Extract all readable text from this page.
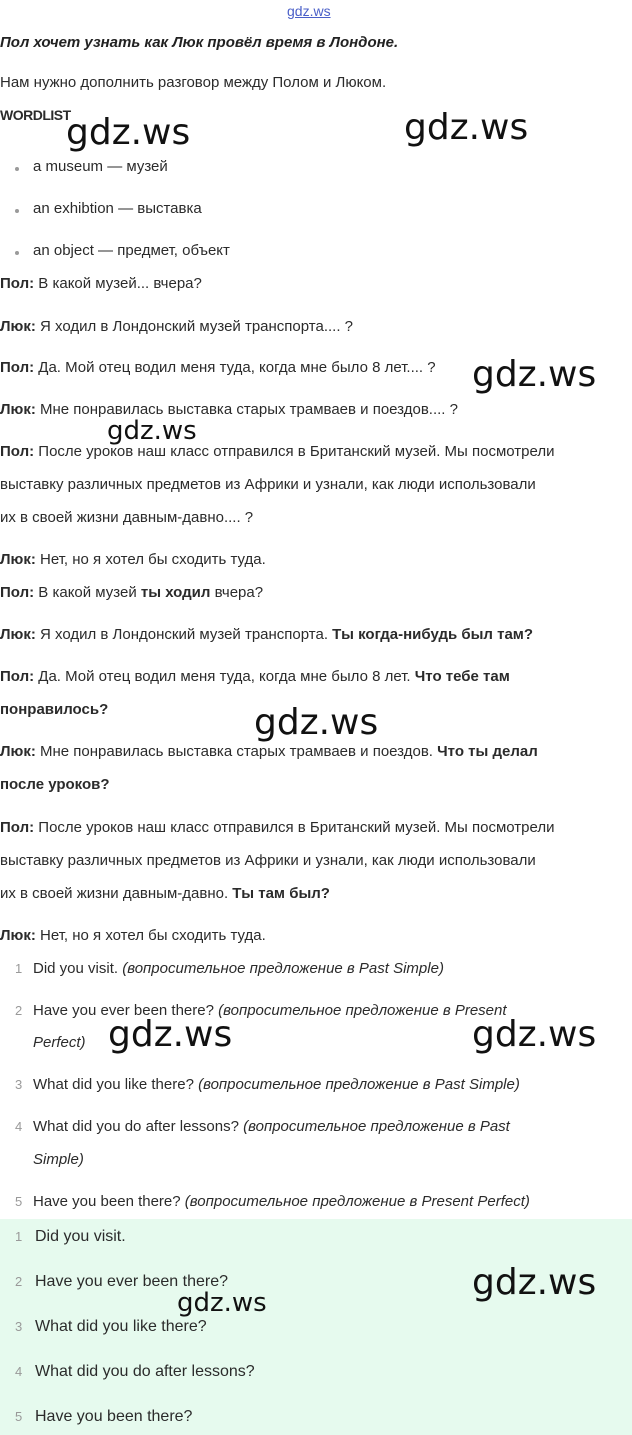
gdz.ws
Пол хочет узнать как Люк провёл время в Лондоне.
Нам нужно дополнить разговор между Полом и Люком.
WORDLIST
a museum — музей
an exhibtion — выставка
an object — предмет, объект
Пол: В какой музей... вчера?
Люк: Я ходил в Лондонский музей транспорта.... ?
Пол: Да. Мой отец водил меня туда, когда мне было 8 лет.... ?
Люк: Мне понравилась выставка старых трамваев и поездов.... ?
Пол: После уроков наш класс отправился в Британский музей. Мы посмотрели
выставку различных предметов из Африки и узнали, как люди использовали
их в своей жизни давным-давно.... ?
Люк: Нет, но я хотел бы сходить туда.
Пол: В какой музей ты ходил вчера?
Люк: Я ходил в Лондонский музей транспорта. Ты когда-нибудь был там?
Пол: Да. Мой отец водил меня туда, когда мне было 8 лет. Что тебе там
понравилось?
Люк: Мне понравилась выставка старых трамваев и поездов. Что ты делал
после уроков?
Пол: После уроков наш класс отправился в Британский музей. Мы посмотрели
выставку различных предметов из Африки и узнали, как люди использовали
их в своей жизни давным-давно. Ты там был?
Люк: Нет, но я хотел бы сходить туда.
1 Did you visit. (вопросительное предложение в Past Simple)
2 Have you ever been there? (вопросительное предложение в Present
Perfect)
3 What did you like there? (вопросительное предложение в Past Simple)
4 What did you do after lessons? (вопросительное предложение в Past
Simple)
5 Have you been there? (вопросительное предложение в Present Perfect)
1 Did you visit.
2 Have you ever been there?
3 What did you like there?
4 What did you do after lessons?
5 Have you been there?
gdz.ws	gdz.ws
gdz.ws
gdz.ws
gdz.ws
gdz.ws	gdz.ws
gdz.ws
gdz.ws
